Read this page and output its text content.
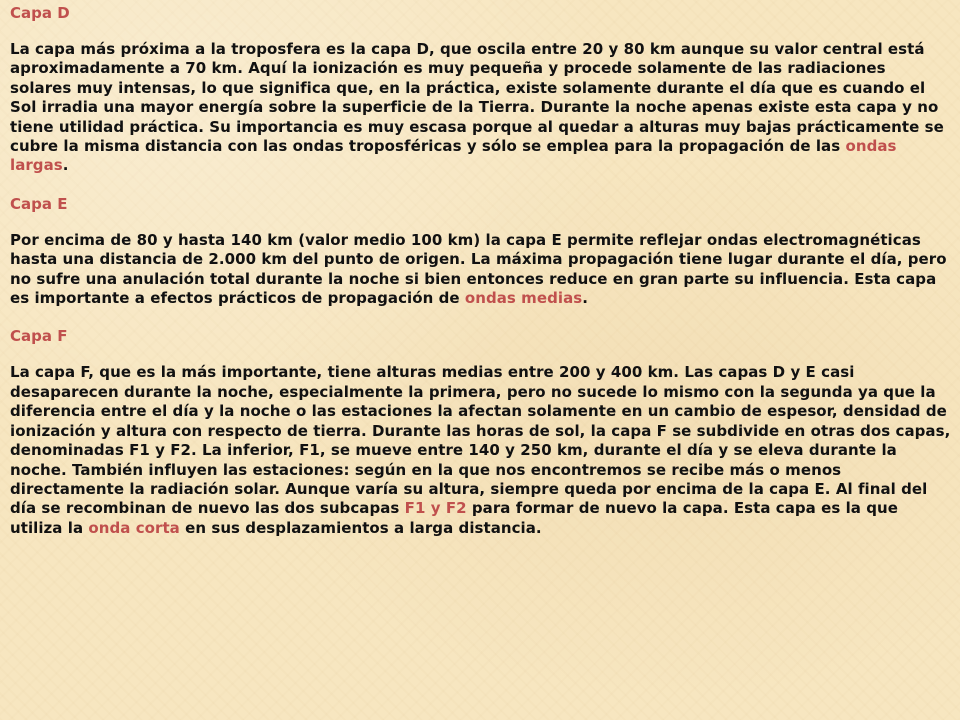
Capa D

La capa más próxima a la troposfera es la capa D, que oscila entre 20 y 80 km aunque su valor central está aproximadamente a 70 km. Aquí la ionización es muy pequeña y procede solamente de las radiaciones solares muy intensas, lo que significa que, en la práctica, existe solamente durante el día que es cuando el Sol irradia una mayor energía sobre la superficie de la Tierra. Durante la noche apenas existe esta capa y no tiene utilidad práctica. Su importancia es muy escasa porque al quedar a alturas muy bajas prácticamente se cubre la misma distancia con las ondas troposféricas y sólo se emplea para la propagación de las ondas largas.

Capa E

Por encima de 80 y hasta 140 km (valor medio 100 km) la capa E permite reflejar ondas electromagnéticas hasta una distancia de 2.000 km del punto de origen. La máxima propagación tiene lugar durante el día, pero no sufre una anulación total durante la noche si bien entonces reduce en gran parte su influencia. Esta capa es importante a efectos prácticos de propagación de ondas medias.

Capa F

La capa F, que es la más importante, tiene alturas medias entre 200 y 400 km. Las capas D y E casi desaparecen durante la noche, especialmente la primera, pero no sucede lo mismo con la segunda ya que la diferencia entre el día y la noche o las estaciones la afectan solamente en un cambio de espesor, densidad de ionización y altura con respecto de tierra. Durante las horas de sol, la capa F se subdivide en otras dos capas, denominadas F1 y F2. La inferior, F1, se mueve entre 140 y 250 km, durante el día y se eleva durante la noche. También influyen las estaciones: según en la que nos encontremos se recibe más o menos directamente la radiación solar. Aunque varía su altura, siempre queda por encima de la capa E. Al final del día se recombinan de nuevo las dos subcapas F1 y F2 para formar de nuevo la capa. Esta capa es la que utiliza la onda corta en sus desplazamientos a larga distancia.
